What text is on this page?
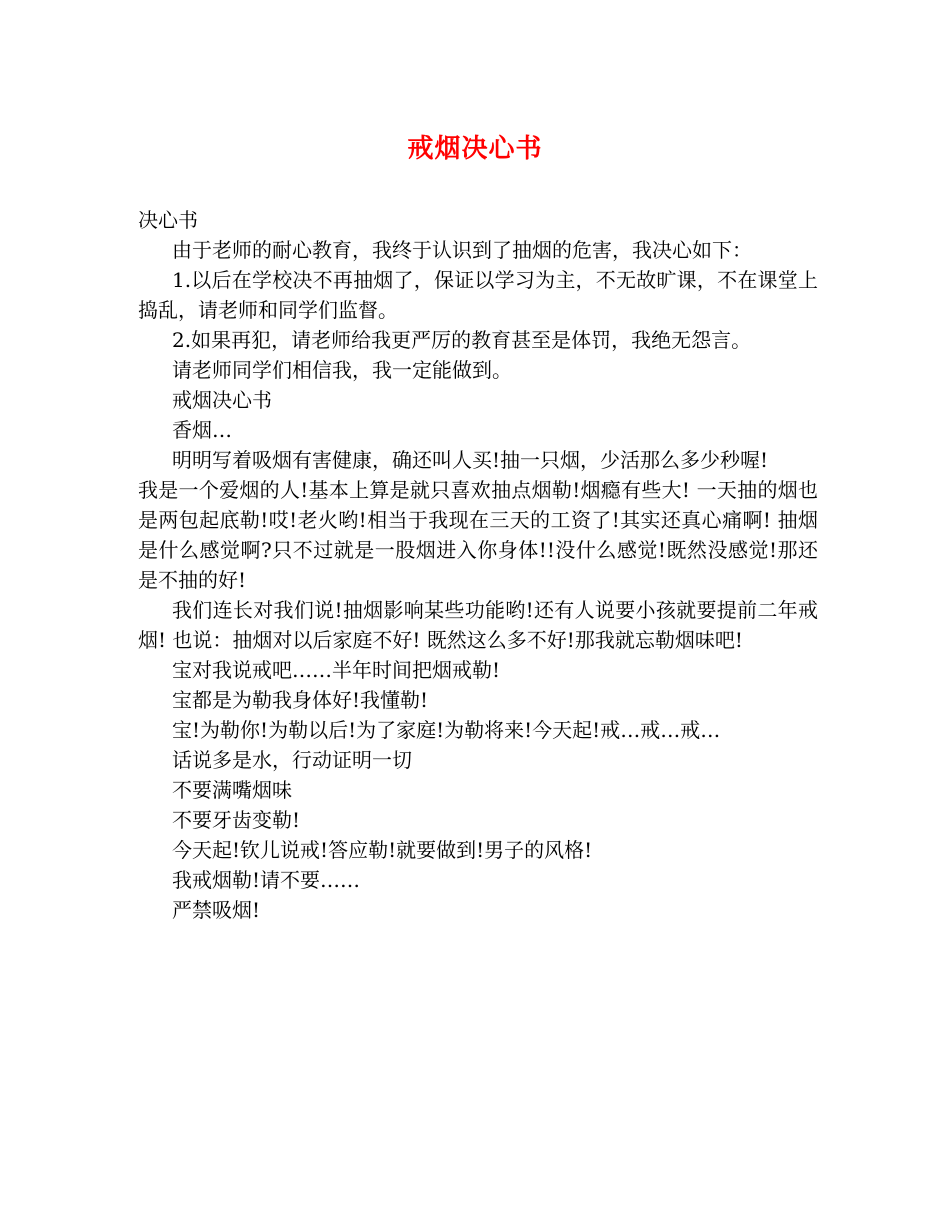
戒烟决心书

决心书

由于老师的耐心教育，我终于认识到了抽烟的危害，我决心如下：

1.以后在学校决不再抽烟了，保证以学习为主，不无故旷课，不在课堂上捣乱，请老师和同学们监督。

2.如果再犯，请老师给我更严厉的教育甚至是体罚，我绝无怨言。

请老师同学们相信我，我一定能做到。

戒烟决心书

香烟…

明明写着吸烟有害健康，确还叫人买!抽一只烟，少活那么多少秒喔!

我是一个爱烟的人!基本上算是就只喜欢抽点烟勒!烟瘾有些大! 一天抽的烟也是两包起底勒!哎!老火哟!相当于我现在三天的工资了!其实还真心痛啊! 抽烟是什么感觉啊?只不过就是一股烟进入你身体!!没什么感觉!既然没感觉!那还是不抽的好!

我们连长对我们说!抽烟影响某些功能哟!还有人说要小孩就要提前二年戒烟! 也说：抽烟对以后家庭不好! 既然这么多不好!那我就忘勒烟味吧!

宝对我说戒吧……半年时间把烟戒勒!

宝都是为勒我身体好!我懂勒!

宝!为勒你!为勒以后!为了家庭!为勒将来!今天起!戒…戒…戒…

话说多是水，行动证明一切

不要满嘴烟味

不要牙齿变勒!

今天起!钦儿说戒!答应勒!就要做到!男子的风格!

我戒烟勒!请不要……

严禁吸烟!
